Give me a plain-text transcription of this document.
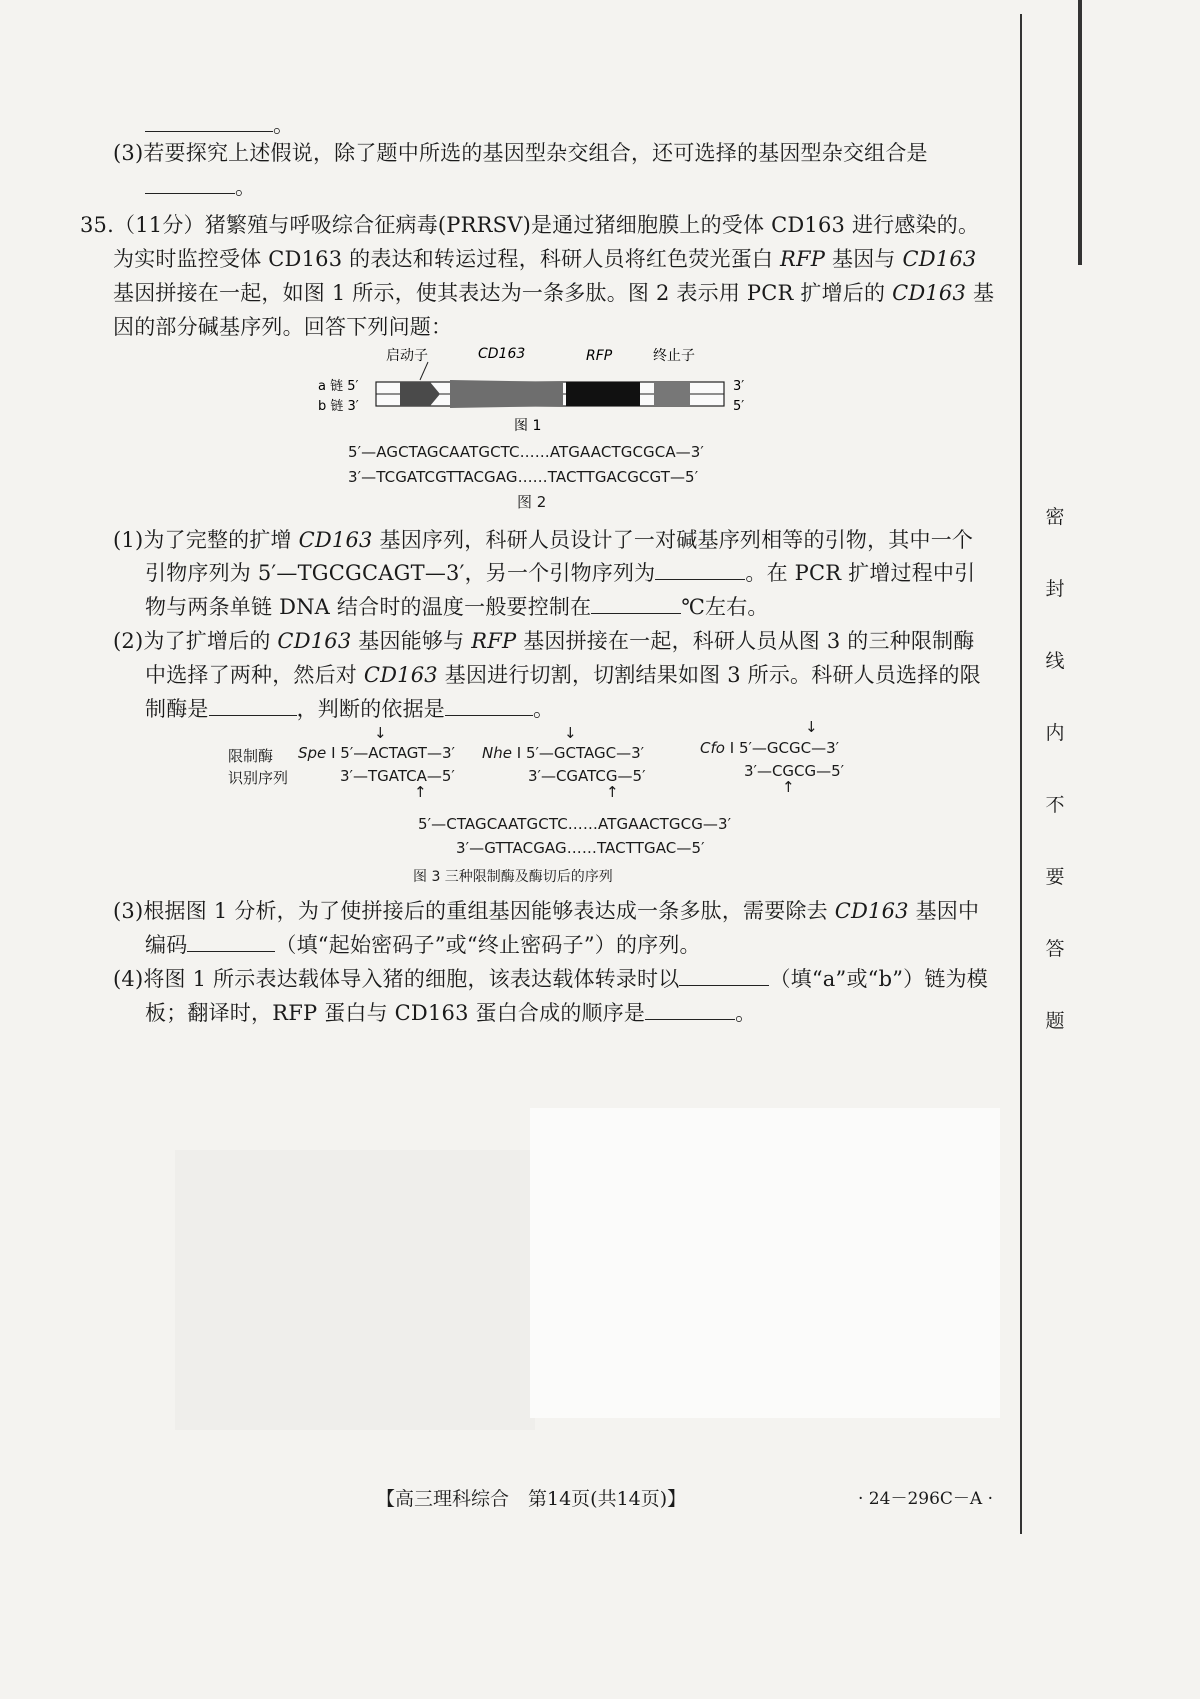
。
(3)若要探究上述假说，除了题中所选的基因型杂交组合，还可选择的基因型杂交组合是
。
35.（11分）猪繁殖与呼吸综合征病毒(PRRSV)是通过猪细胞膜上的受体 CD163 进行感染的。
为实时监控受体 CD163 的表达和转运过程，科研人员将红色荧光蛋白 RFP 基因与 CD163
基因拼接在一起，如图 1 所示，使其表达为一条多肽。图 2 表示用 PCR 扩增后的 CD163 基
因的部分碱基序列。回答下列问题：
启动子	CD163	RFP	终止子
a 链 5′
b 链 3′
3′
5′
图 1
5′—AGCTAGCAATGCTC……ATGAACTGCGCA—3′
3′—TCGATCGTTACGAG……TACTTGACGCGT—5′
图 2
(1)为了完整的扩增 CD163 基因序列，科研人员设计了一对碱基序列相等的引物，其中一个
引物序列为 5′—TGCGCAGT—3′，另一个引物序列为	。在 PCR 扩增过程中引
物与两条单链 DNA 结合时的温度一般要控制在	℃左右。
(2)为了扩增后的 CD163 基因能够与 RFP 基因拼接在一起，科研人员从图 3 的三种限制酶
中选择了两种，然后对 CD163 基因进行切割，切割结果如图 3 所示。科研人员选择的限
制酶是	，判断的依据是	。
限制酶
识别序列
↓
Spe Ⅰ 5′—ACTAGT—3′
3′—TGATCA—5′
↑
↓
Nhe Ⅰ 5′—GCTAGC—3′
3′—CGATCG—5′
↑
↓
Cfo Ⅰ 5′—GCGC—3′
3′—CGCG—5′
↑
5′—CTAGCAATGCTC……ATGAACTGCG—3′
3′—GTTACGAG……TACTTGAC—5′
图 3 三种限制酶及酶切后的序列
(3)根据图 1 分析，为了使拼接后的重组基因能够表达成一条多肽，需要除去 CD163 基因中
编码	（填“起始密码子”或“终止密码子”）的序列。
(4)将图 1 所示表达载体导入猪的细胞，该表达载体转录时以	（填“a”或“b”）链为模
板；翻译时，RFP 蛋白与 CD163 蛋白合成的顺序是	。
密
封
线
内
不
要
答
题
【高三理科综合　第14页(共14页)】	· 24－296C－A ·
